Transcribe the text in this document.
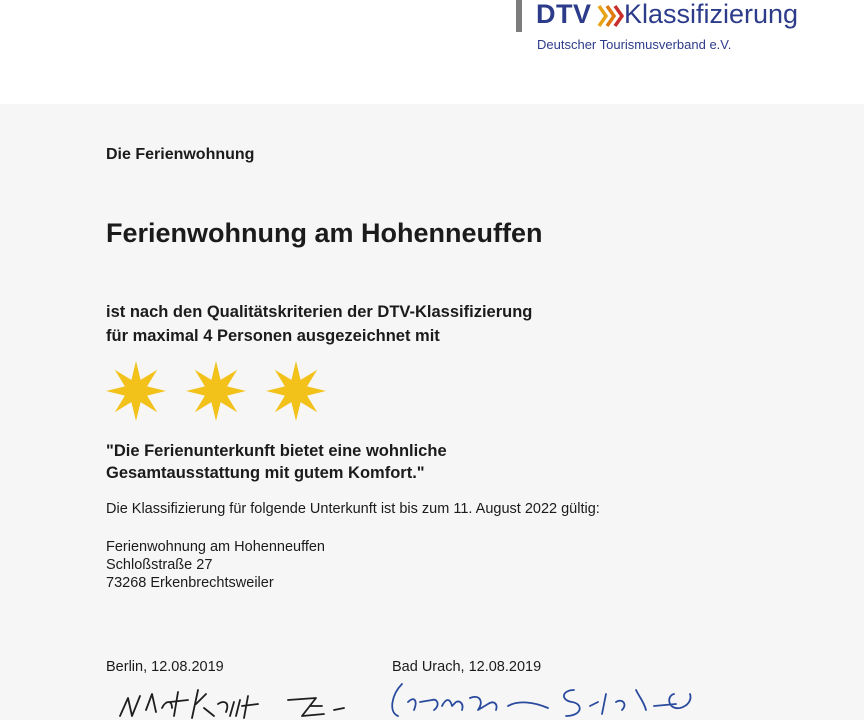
DTV Klassifizierung
Deutscher Tourismusverband e.V.
Die Ferienwohnung
Ferienwohnung am Hohenneuffen
ist nach den Qualitätskriterien der DTV-Klassifizierung
für maximal 4 Personen ausgezeichnet mit
"Die Ferienunterkunft bietet eine wohnliche
Gesamtausstattung mit gutem Komfort."
Die Klassifizierung für folgende Unterkunft ist bis zum 11. August 2022 gültig:
Ferienwohnung am Hohenneuffen
Schloßstraße 27
73268 Erkenbrechtsweiler
Berlin, 12.08.2019	Bad Urach, 12.08.2019
